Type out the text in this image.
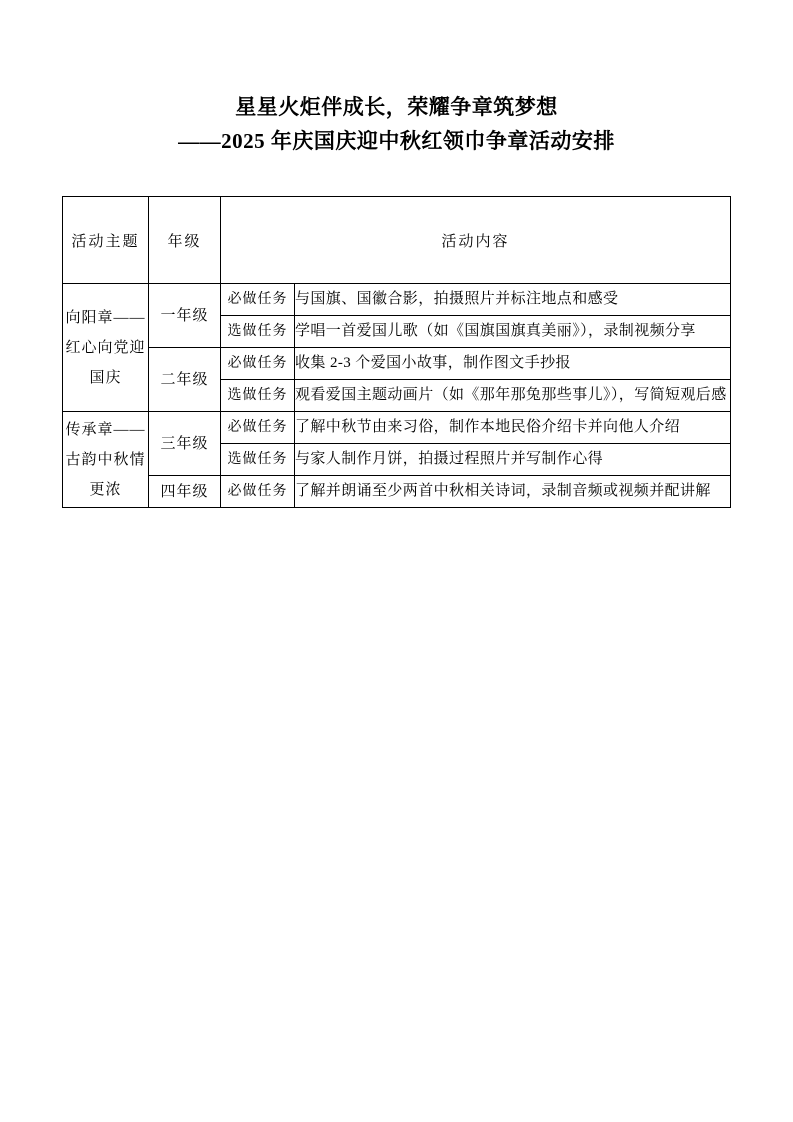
星星火炬伴成长，荣耀争章筑梦想
——2025 年庆国庆迎中秋红领巾争章活动安排
活动主题	年级	活动内容	
向阳章——红心向党迎国庆	一年级	必做任务	与国旗、国徽合影，拍摄照片并标注地点和感受
		选做任务	学唱一首爱国儿歌（如《国旗国旗真美丽》），录制视频分享
	二年级	必做任务	收集 2-3 个爱国小故事，制作图文手抄报
		选做任务	观看爱国主题动画片（如《那年那兔那些事儿》），写简短观后感
传承章——古韵中秋情更浓	三年级	必做任务	了解中秋节由来习俗，制作本地民俗介绍卡并向他人介绍
		选做任务	与家人制作月饼，拍摄过程照片并写制作心得
	四年级	必做任务	了解并朗诵至少两首中秋相关诗词，录制音频或视频并配讲解
